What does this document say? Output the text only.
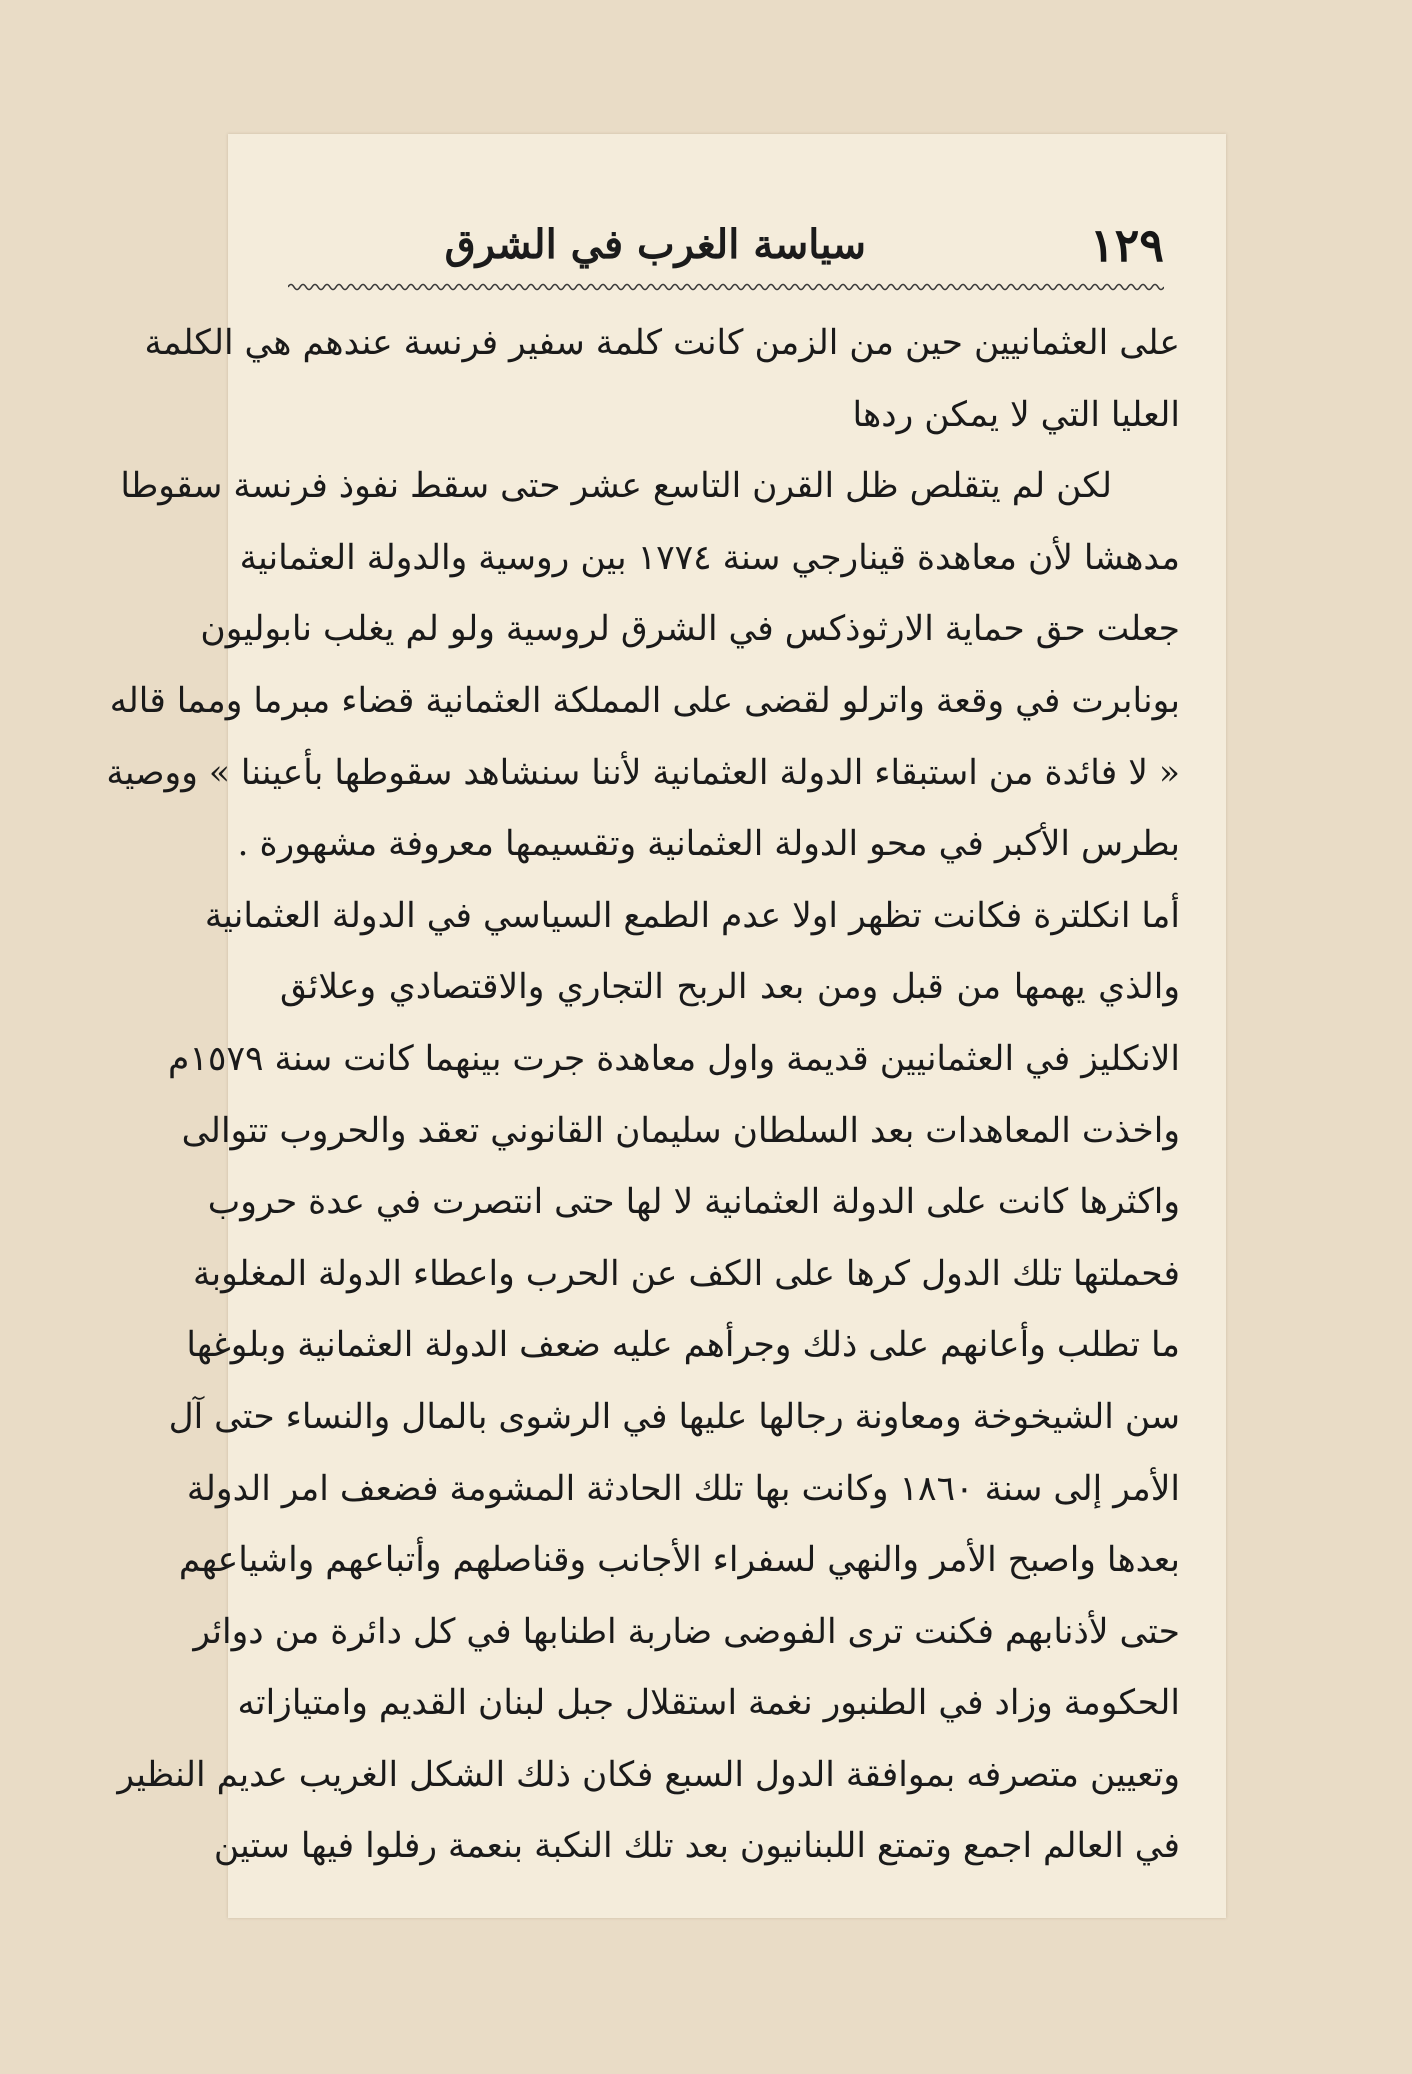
١٢٩
سياسة الغرب في الشرق
على العثمانيين حين من الزمن كانت كلمة سفير فرنسة عندهم هي الكلمة
العليا التي لا يمكن ردها
لكن لم يتقلص ظل القرن التاسع عشر حتى سقط نفوذ فرنسة سقوطا
مدهشا لأن معاهدة قينارجي سنة ١٧٧٤ بين روسية والدولة العثمانية
جعلت حق حماية الارثوذكس في الشرق لروسية ولو لم يغلب نابوليون
بونابرت في وقعة واترلو لقضى على المملكة العثمانية قضاء مبرما ومما قاله
« لا فائدة من استبقاء الدولة العثمانية لأننا سنشاهد سقوطها بأعيننا » ووصية
بطرس الأكبر في محو الدولة العثمانية وتقسيمها معروفة مشهورة .
أما انكلترة فكانت تظهر اولا عدم الطمع السياسي في الدولة العثمانية
والذي يهمها من قبل ومن بعد الربح التجاري والاقتصادي وعلائق
الانكليز في العثمانيين قديمة واول معاهدة جرت بينهما كانت سنة ١٥٧٩م
واخذت المعاهدات بعد السلطان سليمان القانوني تعقد والحروب تتوالى
واكثرها كانت على الدولة العثمانية لا لها حتى انتصرت في عدة حروب
فحملتها تلك الدول كرها على الكف عن الحرب واعطاء الدولة المغلوبة
ما تطلب وأعانهم على ذلك وجرأهم عليه ضعف الدولة العثمانية وبلوغها
سن الشيخوخة ومعاونة رجالها عليها في الرشوى بالمال والنساء حتى آل
الأمر إلى سنة ١٨٦٠ وكانت بها تلك الحادثة المشومة فضعف امر الدولة
بعدها واصبح الأمر والنهي لسفراء الأجانب وقناصلهم وأتباعهم واشياعهم
حتى لأذنابهم فكنت ترى الفوضى ضاربة اطنابها في كل دائرة من دوائر
الحكومة وزاد في الطنبور نغمة استقلال جبل لبنان القديم وامتيازاته
وتعيين متصرفه بموافقة الدول السبع فكان ذلك الشكل الغريب عديم النظير
في العالم اجمع وتمتع اللبنانيون بعد تلك النكبة بنعمة رفلوا فيها ستين
